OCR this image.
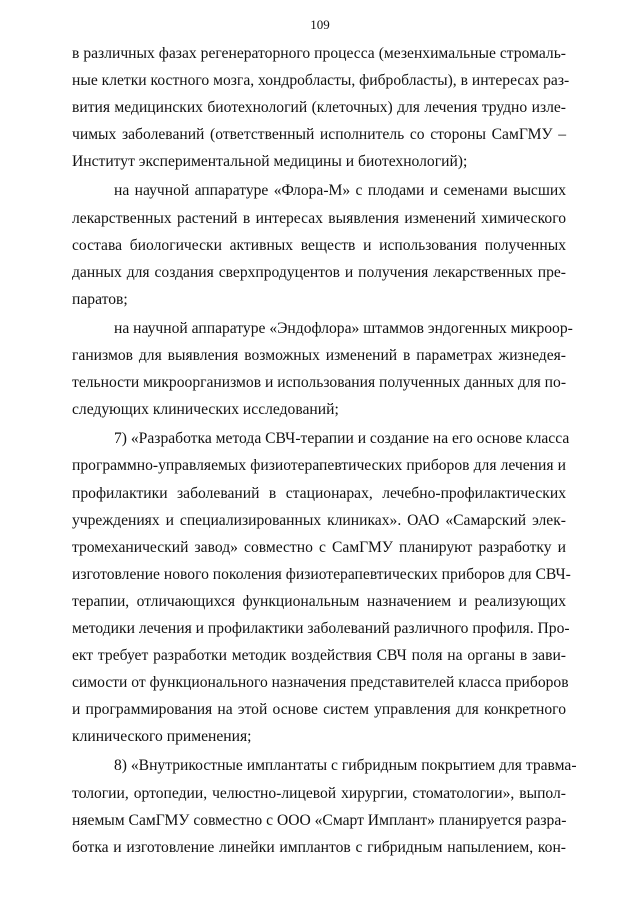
109
в различных фазах регенераторного процесса (мезенхимальные стромаль-
ные клетки костного мозга, хондробласты, фибробласты), в интересах раз-
вития медицинских биотехнологий (клеточных) для лечения трудно изле-
чимых заболеваний (ответственный исполнитель со стороны СамГМУ –
Институт экспериментальной медицины и биотехнологий);
на научной аппаратуре «Флора-М» с плодами и семенами высших
лекарственных растений в интересах выявления изменений химического
состава биологически активных веществ и использования полученных
данных для создания сверхпродуцентов и получения лекарственных пре-
паратов;
на научной аппаратуре «Эндофлора» штаммов эндогенных микроор-
ганизмов для выявления возможных изменений в параметрах жизнедея-
тельности микроорганизмов и использования полученных данных для по-
следующих клинических исследований;
7) «Разработка метода СВЧ-терапии и создание на его основе класса
программно-управляемых физиотерапевтических приборов для лечения и
профилактики заболеваний в стационарах, лечебно-профилактических
учреждениях и специализированных клиниках». ОАО «Самарский элек-
тромеханический завод» совместно с СамГМУ планируют разработку и
изготовление нового поколения физиотерапевтических приборов для СВЧ-
терапии, отличающихся функциональным назначением и реализующих
методики лечения и профилактики заболеваний различного профиля. Про-
ект требует разработки методик воздействия СВЧ поля на органы в зави-
симости от функционального назначения представителей класса приборов
и программирования на этой основе систем управления для конкретного
клинического применения;
8) «Внутрикостные имплантаты с гибридным покрытием для травма-
тологии, ортопедии, челюстно-лицевой хирургии, стоматологии», выпол-
няемым СамГМУ совместно с ООО «Смарт Имплант» планируется разра-
ботка и изготовление линейки имплантов с гибридным напылением, кон-
